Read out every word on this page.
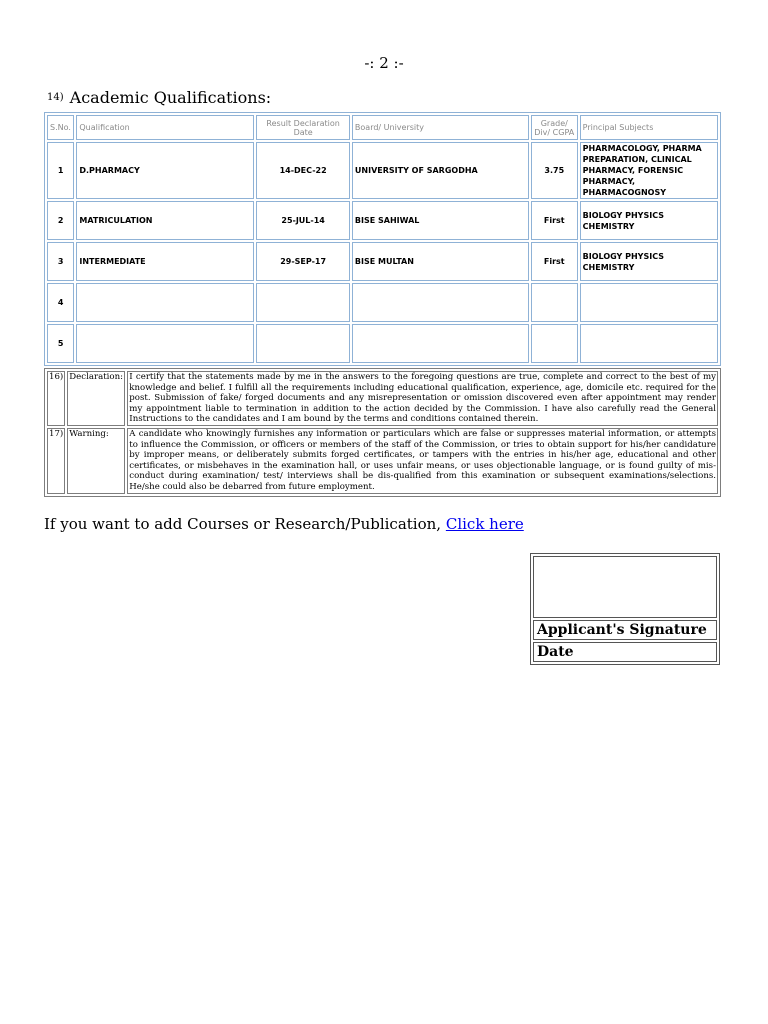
-: 2 :-
14) Academic Qualifications:
S.No.	Qualification	Result Declaration Date	Board/ University	Grade/ Div/ CGPA	Principal Subjects
1	D.PHARMACY	14-DEC-22	UNIVERSITY OF SARGODHA	3.75	PHARMACOLOGY, PHARMA PREPARATION, CLINICAL PHARMACY, FORENSIC PHARMACY, PHARMACOGNOSY
2	MATRICULATION	25-JUL-14	BISE SAHIWAL	First	BIOLOGY PHYSICS CHEMISTRY
3	INTERMEDIATE	29-SEP-17	BISE MULTAN	First	BIOLOGY PHYSICS CHEMISTRY
4					
5					
16)	Declaration:	I certify that the statements made by me in the answers to the foregoing questions are true, complete and correct to the best of my knowledge and belief. I fulfill all the requirements including educational qualification, experience, age, domicile etc. required for the post. Submission of fake/ forged documents and any misrepresentation or omission discovered even after appointment may render my appointment liable to termination in addition to the action decided by the Commission. I have also carefully read the General Instructions to the candidates and I am bound by the terms and conditions contained therein.
17)	Warning:	A candidate who knowingly furnishes any information or particulars which are false or suppresses material information, or attempts to influence the Commission, or officers or members of the staff of the Commission, or tries to obtain support for his/her candidature by improper means, or deliberately submits forged certificates, or tampers with the entries in his/her age, educational and other certificates, or misbehaves in the examination hall, or uses unfair means, or uses objectionable language, or is found guilty of mis-conduct during examination/ test/ interviews shall be dis-qualified from this examination or subsequent examinations/selections. He/she could also be debarred from future employment.
If you want to add Courses or Research/Publication, Click here

Applicant's Signature
Date
